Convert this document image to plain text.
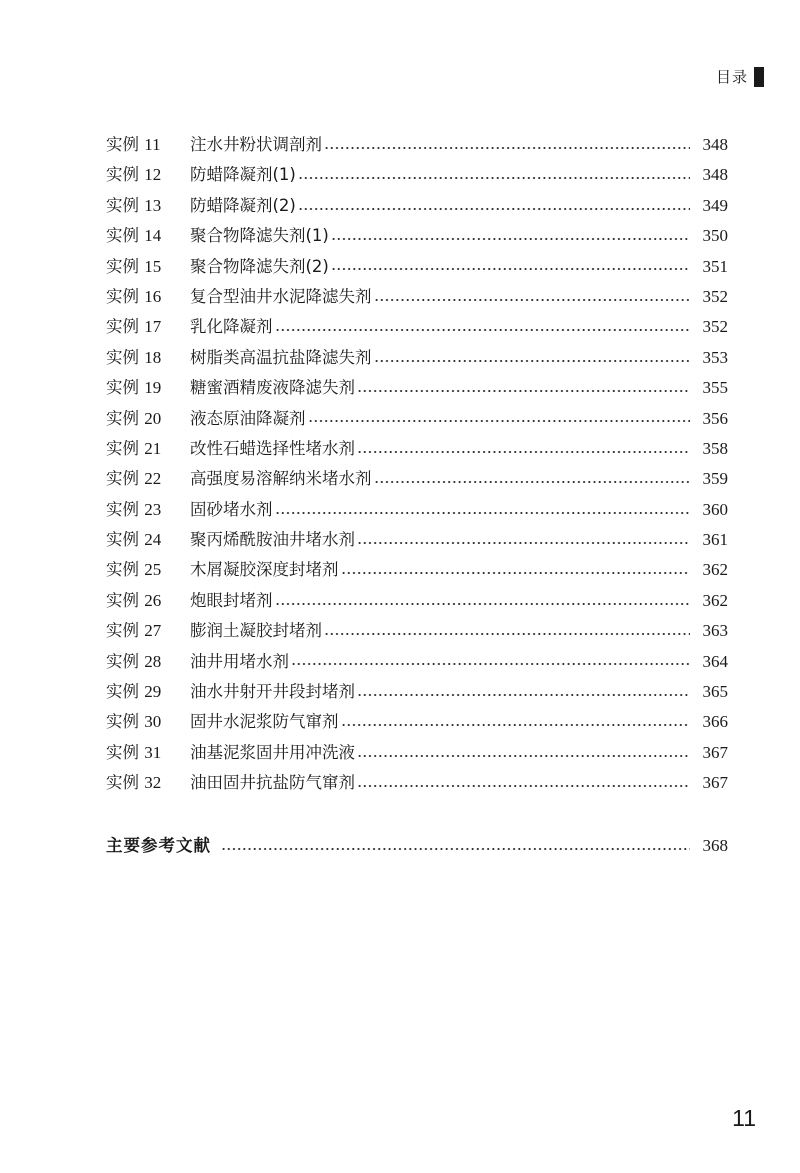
目录
实例 11	注水井粉状调剖剂	348
实例 12	防蜡降凝剂(1)	348
实例 13	防蜡降凝剂(2)	349
实例 14	聚合物降滤失剂(1)	350
实例 15	聚合物降滤失剂(2)	351
实例 16	复合型油井水泥降滤失剂	352
实例 17	乳化降凝剂	352
实例 18	树脂类高温抗盐降滤失剂	353
实例 19	糖蜜酒精废液降滤失剂	355
实例 20	液态原油降凝剂	356
实例 21	改性石蜡选择性堵水剂	358
实例 22	高强度易溶解纳米堵水剂	359
实例 23	固砂堵水剂	360
实例 24	聚丙烯酰胺油井堵水剂	361
实例 25	木屑凝胶深度封堵剂	362
实例 26	炮眼封堵剂	362
实例 27	膨润土凝胶封堵剂	363
实例 28	油井用堵水剂	364
实例 29	油水井射开井段封堵剂	365
实例 30	固井水泥浆防气窜剂	366
实例 31	油基泥浆固井用冲洗液	367
实例 32	油田固井抗盐防气窜剂	367
主要参考文献	368
11
